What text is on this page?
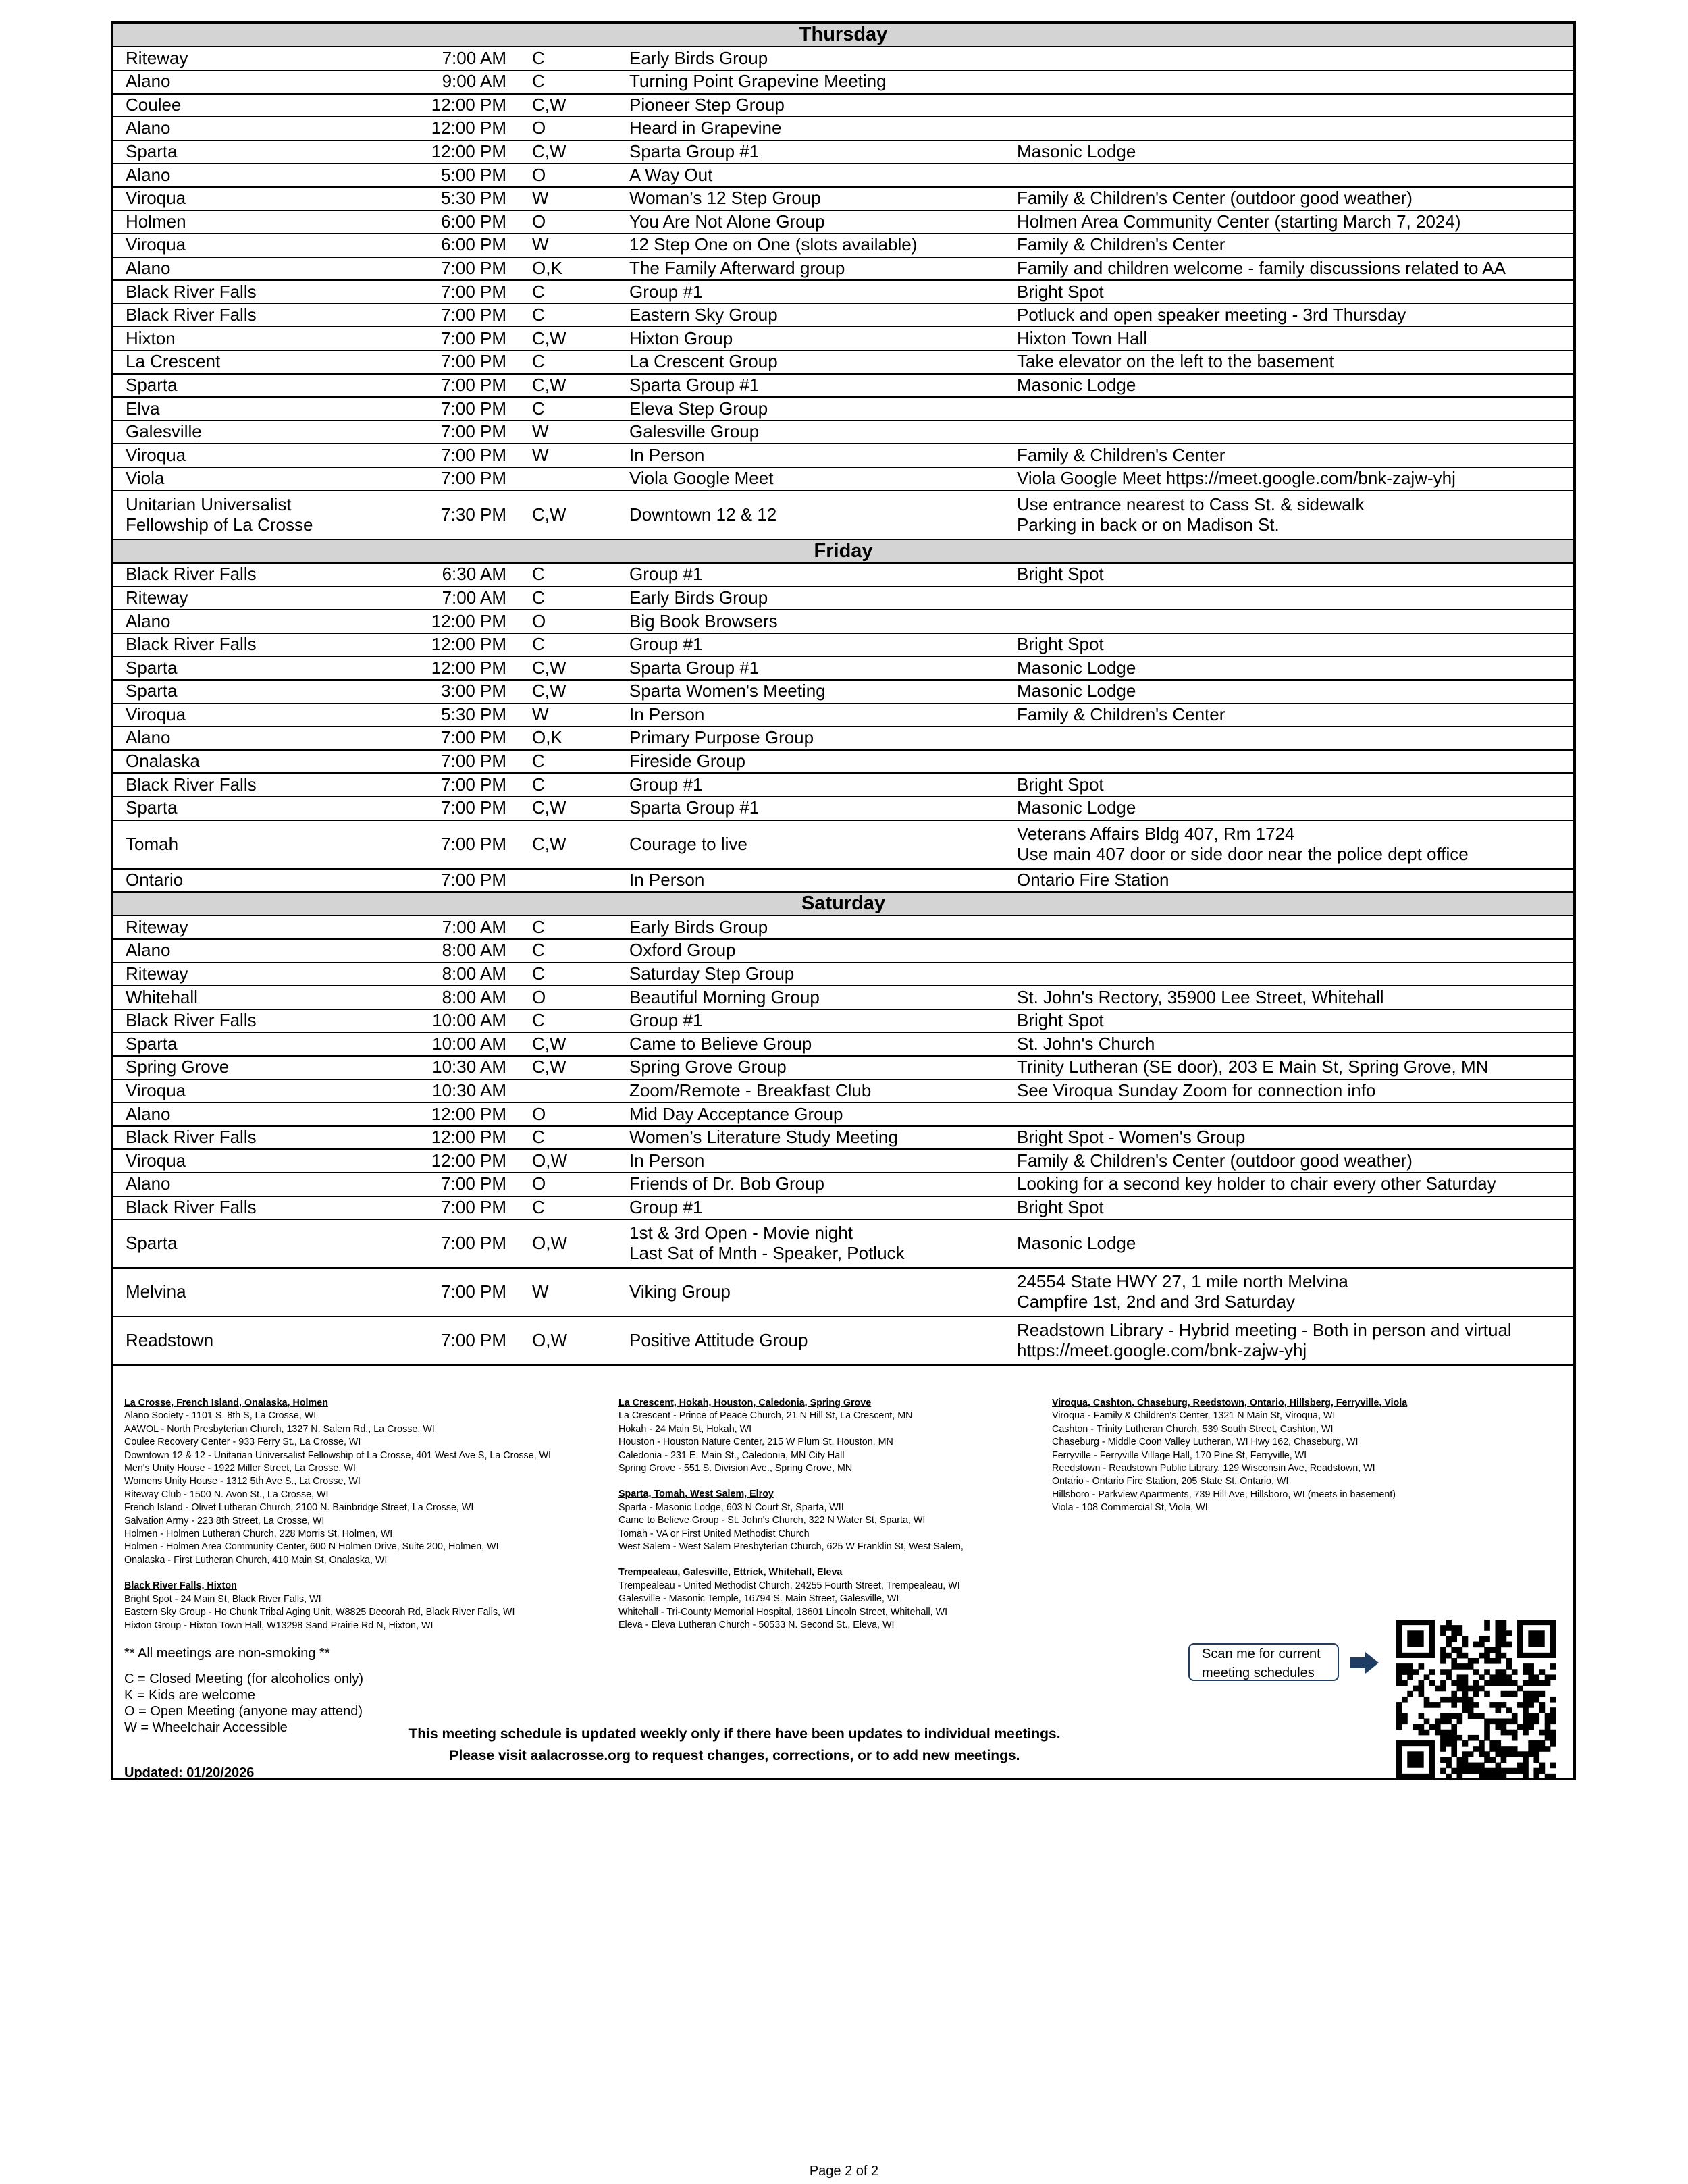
Thursday				

Riteway	7:00 AM	C	Early Birds Group	

Alano	9:00 AM	C	Turning Point Grapevine Meeting	

Coulee	12:00 PM	C,W	Pioneer Step Group	

Alano	12:00 PM	O	Heard in Grapevine	

Sparta	12:00 PM	C,W	Sparta Group #1	Masonic Lodge

Alano	5:00 PM	O	A Way Out	

Viroqua	5:30 PM	W	Woman’s 12 Step Group	Family & Children's Center (outdoor good weather)

Holmen	6:00 PM	O	You Are Not Alone Group	Holmen Area Community Center (starting March 7, 2024)

Viroqua	6:00 PM	W	12 Step One on One (slots available)	Family & Children's Center

Alano	7:00 PM	O,K	The Family Afterward group	Family and children welcome - family discussions related to AA

Black River Falls	7:00 PM	C	Group #1	Bright Spot

Black River Falls	7:00 PM	C	Eastern Sky Group	Potluck and open speaker meeting - 3rd Thursday

Hixton	7:00 PM	C,W	Hixton Group	Hixton Town Hall

La Crescent	7:00 PM	C	La Crescent Group	Take elevator on the left to the basement

Sparta	7:00 PM	C,W	Sparta Group #1	Masonic Lodge

Elva	7:00 PM	C	Eleva Step Group	

Galesville	7:00 PM	W	Galesville Group	

Viroqua	7:00 PM	W	In Person	Family & Children's Center

Viola	7:00 PM		Viola Google Meet	Viola Google Meet https://meet.google.com/bnk-zajw-yhj

Unitarian Universalist
Fellowship of La Crosse	7:30 PM	C,W	Downtown 12 & 12	Use entrance nearest to Cass St. & sidewalk
Parking in back or on Madison St.

Friday				

Black River Falls	6:30 AM	C	Group #1	Bright Spot

Riteway	7:00 AM	C	Early Birds Group	

Alano	12:00 PM	O	Big Book Browsers	

Black River Falls	12:00 PM	C	Group #1	Bright Spot

Sparta	12:00 PM	C,W	Sparta Group #1	Masonic Lodge

Sparta	3:00 PM	C,W	Sparta Women's Meeting	Masonic Lodge

Viroqua	5:30 PM	W	In Person	Family & Children's Center

Alano	7:00 PM	O,K	Primary Purpose Group	

Onalaska	7:00 PM	C	Fireside Group	

Black River Falls	7:00 PM	C	Group #1	Bright Spot

Sparta	7:00 PM	C,W	Sparta Group #1	Masonic Lodge

Tomah	7:00 PM	C,W	Courage to live	Veterans Affairs Bldg 407, Rm 1724
Use main 407 door or side door near the police dept office

Ontario	7:00 PM		In Person	Ontario Fire Station

Saturday				

Riteway	7:00 AM	C	Early Birds Group	

Alano	8:00 AM	C	Oxford Group	

Riteway	8:00 AM	C	Saturday Step Group	

Whitehall	8:00 AM	O	Beautiful Morning Group	St. John's Rectory, 35900 Lee Street, Whitehall

Black River Falls	10:00 AM	C	Group #1	Bright Spot

Sparta	10:00 AM	C,W	Came to Believe Group	St. John's Church

Spring Grove	10:30 AM	C,W	Spring Grove Group	Trinity Lutheran (SE door), 203 E Main St, Spring Grove, MN

Viroqua	10:30 AM		Zoom/Remote - Breakfast Club	See Viroqua Sunday Zoom for connection info

Alano	12:00 PM	O	Mid Day Acceptance Group	

Black River Falls	12:00 PM	C	Women’s Literature Study Meeting	Bright Spot - Women's Group

Viroqua	12:00 PM	O,W	In Person	Family & Children's Center (outdoor good weather)

Alano	7:00 PM	O	Friends of Dr. Bob Group	Looking for a second key holder to chair every other Saturday

Black River Falls	7:00 PM	C	Group #1	Bright Spot

Sparta	7:00 PM	O,W	1st & 3rd Open - Movie night
Last Sat of Mnth - Speaker, Potluck	Masonic Lodge

Melvina	7:00 PM	W	Viking Group	24554 State HWY 27, 1 mile north Melvina
Campfire 1st, 2nd and 3rd Saturday

Readstown	7:00 PM	O,W	Positive Attitude Group	Readstown Library - Hybrid meeting - Both in person and virtual
https://meet.google.com/bnk-zajw-yhj
La Crosse, French Island, Onalaska, Holmen
Alano Society - 1101 S. 8th S, La Crosse, WI
AAWOL - North Presbyterian Church, 1327 N. Salem Rd., La Crosse, WI
Coulee Recovery Center - 933 Ferry St., La Crosse, WI
Downtown 12 & 12 - Unitarian Universalist Fellowship of La Crosse, 401 West Ave S, La Crosse, WI
Men's Unity House - 1922 Miller Street, La Crosse, WI
Womens Unity House - 1312 5th Ave S., La Crosse, WI
Riteway Club - 1500 N. Avon St., La Crosse, WI
French Island - Olivet Lutheran Church, 2100 N. Bainbridge Street, La Crosse, WI
Salvation Army - 223 8th Street, La Crosse, WI
Holmen - Holmen Lutheran Church, 228 Morris St, Holmen, WI
Holmen - Holmen Area Community Center, 600 N Holmen Drive, Suite 200, Holmen, WI
Onalaska - First Lutheran Church, 410 Main St, Onalaska, WI
Black River Falls, Hixton
Bright Spot - 24 Main St, Black River Falls, WI
Eastern Sky Group - Ho Chunk Tribal Aging Unit, W8825 Decorah Rd, Black River Falls, WI
Hixton Group - Hixton Town Hall, W13298 Sand Prairie Rd N, Hixton, WI
La Crescent, Hokah, Houston, Caledonia, Spring Grove
La Crescent - Prince of Peace Church, 21 N Hill St, La Crescent, MN
Hokah - 24 Main St, Hokah, WI
Houston - Houston Nature Center, 215 W Plum St, Houston, MN
Caledonia - 231 E. Main St., Caledonia, MN City Hall
Spring Grove - 551 S. Division Ave., Spring Grove, MN
Sparta, Tomah, West Salem, Elroy
Sparta - Masonic Lodge, 603 N Court St, Sparta, WII
Came to Believe Group - St. John's Church, 322 N Water St, Sparta, WI
Tomah - VA or First United Methodist Church
West Salem - West Salem Presbyterian Church, 625 W Franklin St, West Salem,
Trempealeau, Galesville, Ettrick, Whitehall, Eleva
Trempealeau - United Methodist Church, 24255 Fourth Street, Trempealeau, WI
Galesville - Masonic Temple, 16794 S. Main Street, Galesville, WI
Whitehall - Tri-County Memorial Hospital, 18601 Lincoln Street, Whitehall, WI
Eleva - Eleva Lutheran Church - 50533 N. Second St., Eleva, WI
Viroqua, Cashton, Chaseburg, Reedstown, Ontario, Hillsberg, Ferryville, Viola
Viroqua - Family & Children's Center, 1321 N Main St, Viroqua, WI
Cashton - Trinity Lutheran Church, 539 South Street, Cashton, WI
Chaseburg - Middle Coon Valley Lutheran, WI Hwy 162, Chaseburg, WI
Ferryville - Ferryville Village Hall, 170 Pine St, Ferryville, WI
Reedstown - Readstown Public Library, 129 Wisconsin Ave, Readstown, WI
Ontario - Ontario Fire Station, 205 State St, Ontario, WI
Hillsboro - Parkview Apartments, 739 Hill Ave, Hillsboro, WI (meets in basement)
Viola - 108 Commercial St, Viola, WI
** All meetings are non-smoking **
C = Closed Meeting (for alcoholics only)
K = Kids are welcome
O = Open Meeting (anyone may attend)
W = Wheelchair Accessible
Updated: 01/20/2026
This meeting schedule is updated weekly only if there have been updates to individual meetings.
Please visit aalacrosse.org to request changes, corrections, or to add new meetings.
Scan me for current
meeting schedules
Page 2 of 2
